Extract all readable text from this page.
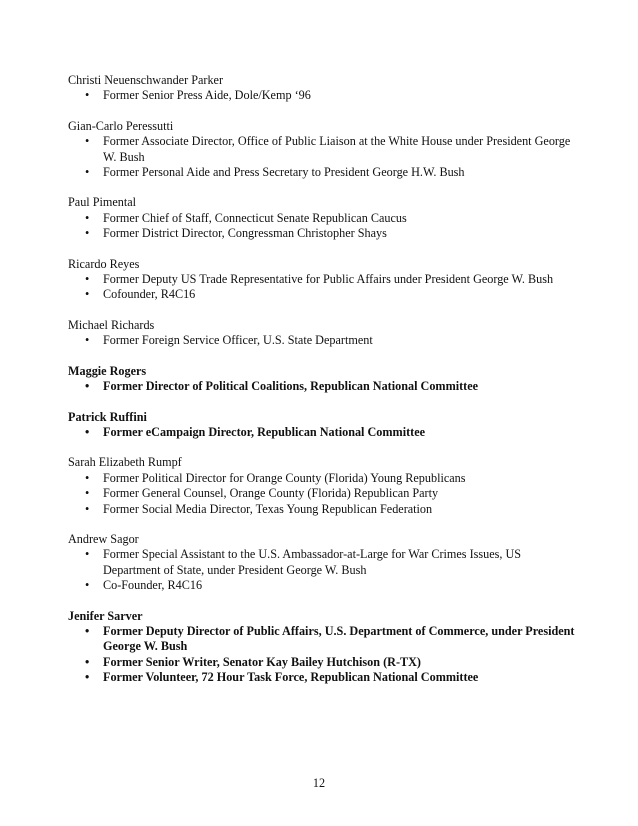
Christi Neuenschwander Parker
• Former Senior Press Aide, Dole/Kemp ‘96
Gian-Carlo Peressutti
• Former Associate Director, Office of Public Liaison at the White House under President George W. Bush
• Former Personal Aide and Press Secretary to President George H.W. Bush
Paul Pimental
• Former Chief of Staff, Connecticut Senate Republican Caucus
• Former District Director, Congressman Christopher Shays
Ricardo Reyes
• Former Deputy US Trade Representative for Public Affairs under President George W. Bush
• Cofounder, R4C16
Michael Richards
• Former Foreign Service Officer, U.S. State Department
Maggie Rogers
• Former Director of Political Coalitions, Republican National Committee
Patrick Ruffini
• Former eCampaign Director, Republican National Committee
Sarah Elizabeth Rumpf
• Former Political Director for Orange County (Florida) Young Republicans
• Former General Counsel, Orange County (Florida) Republican Party
• Former Social Media Director, Texas Young Republican Federation
Andrew Sagor
• Former Special Assistant to the U.S. Ambassador-at-Large for War Crimes Issues, US Department of State, under President George W. Bush
• Co-Founder, R4C16
Jenifer Sarver
• Former Deputy Director of Public Affairs, U.S. Department of Commerce, under President George W. Bush
• Former Senior Writer, Senator Kay Bailey Hutchison (R-TX)
• Former Volunteer, 72 Hour Task Force, Republican National Committee
12
